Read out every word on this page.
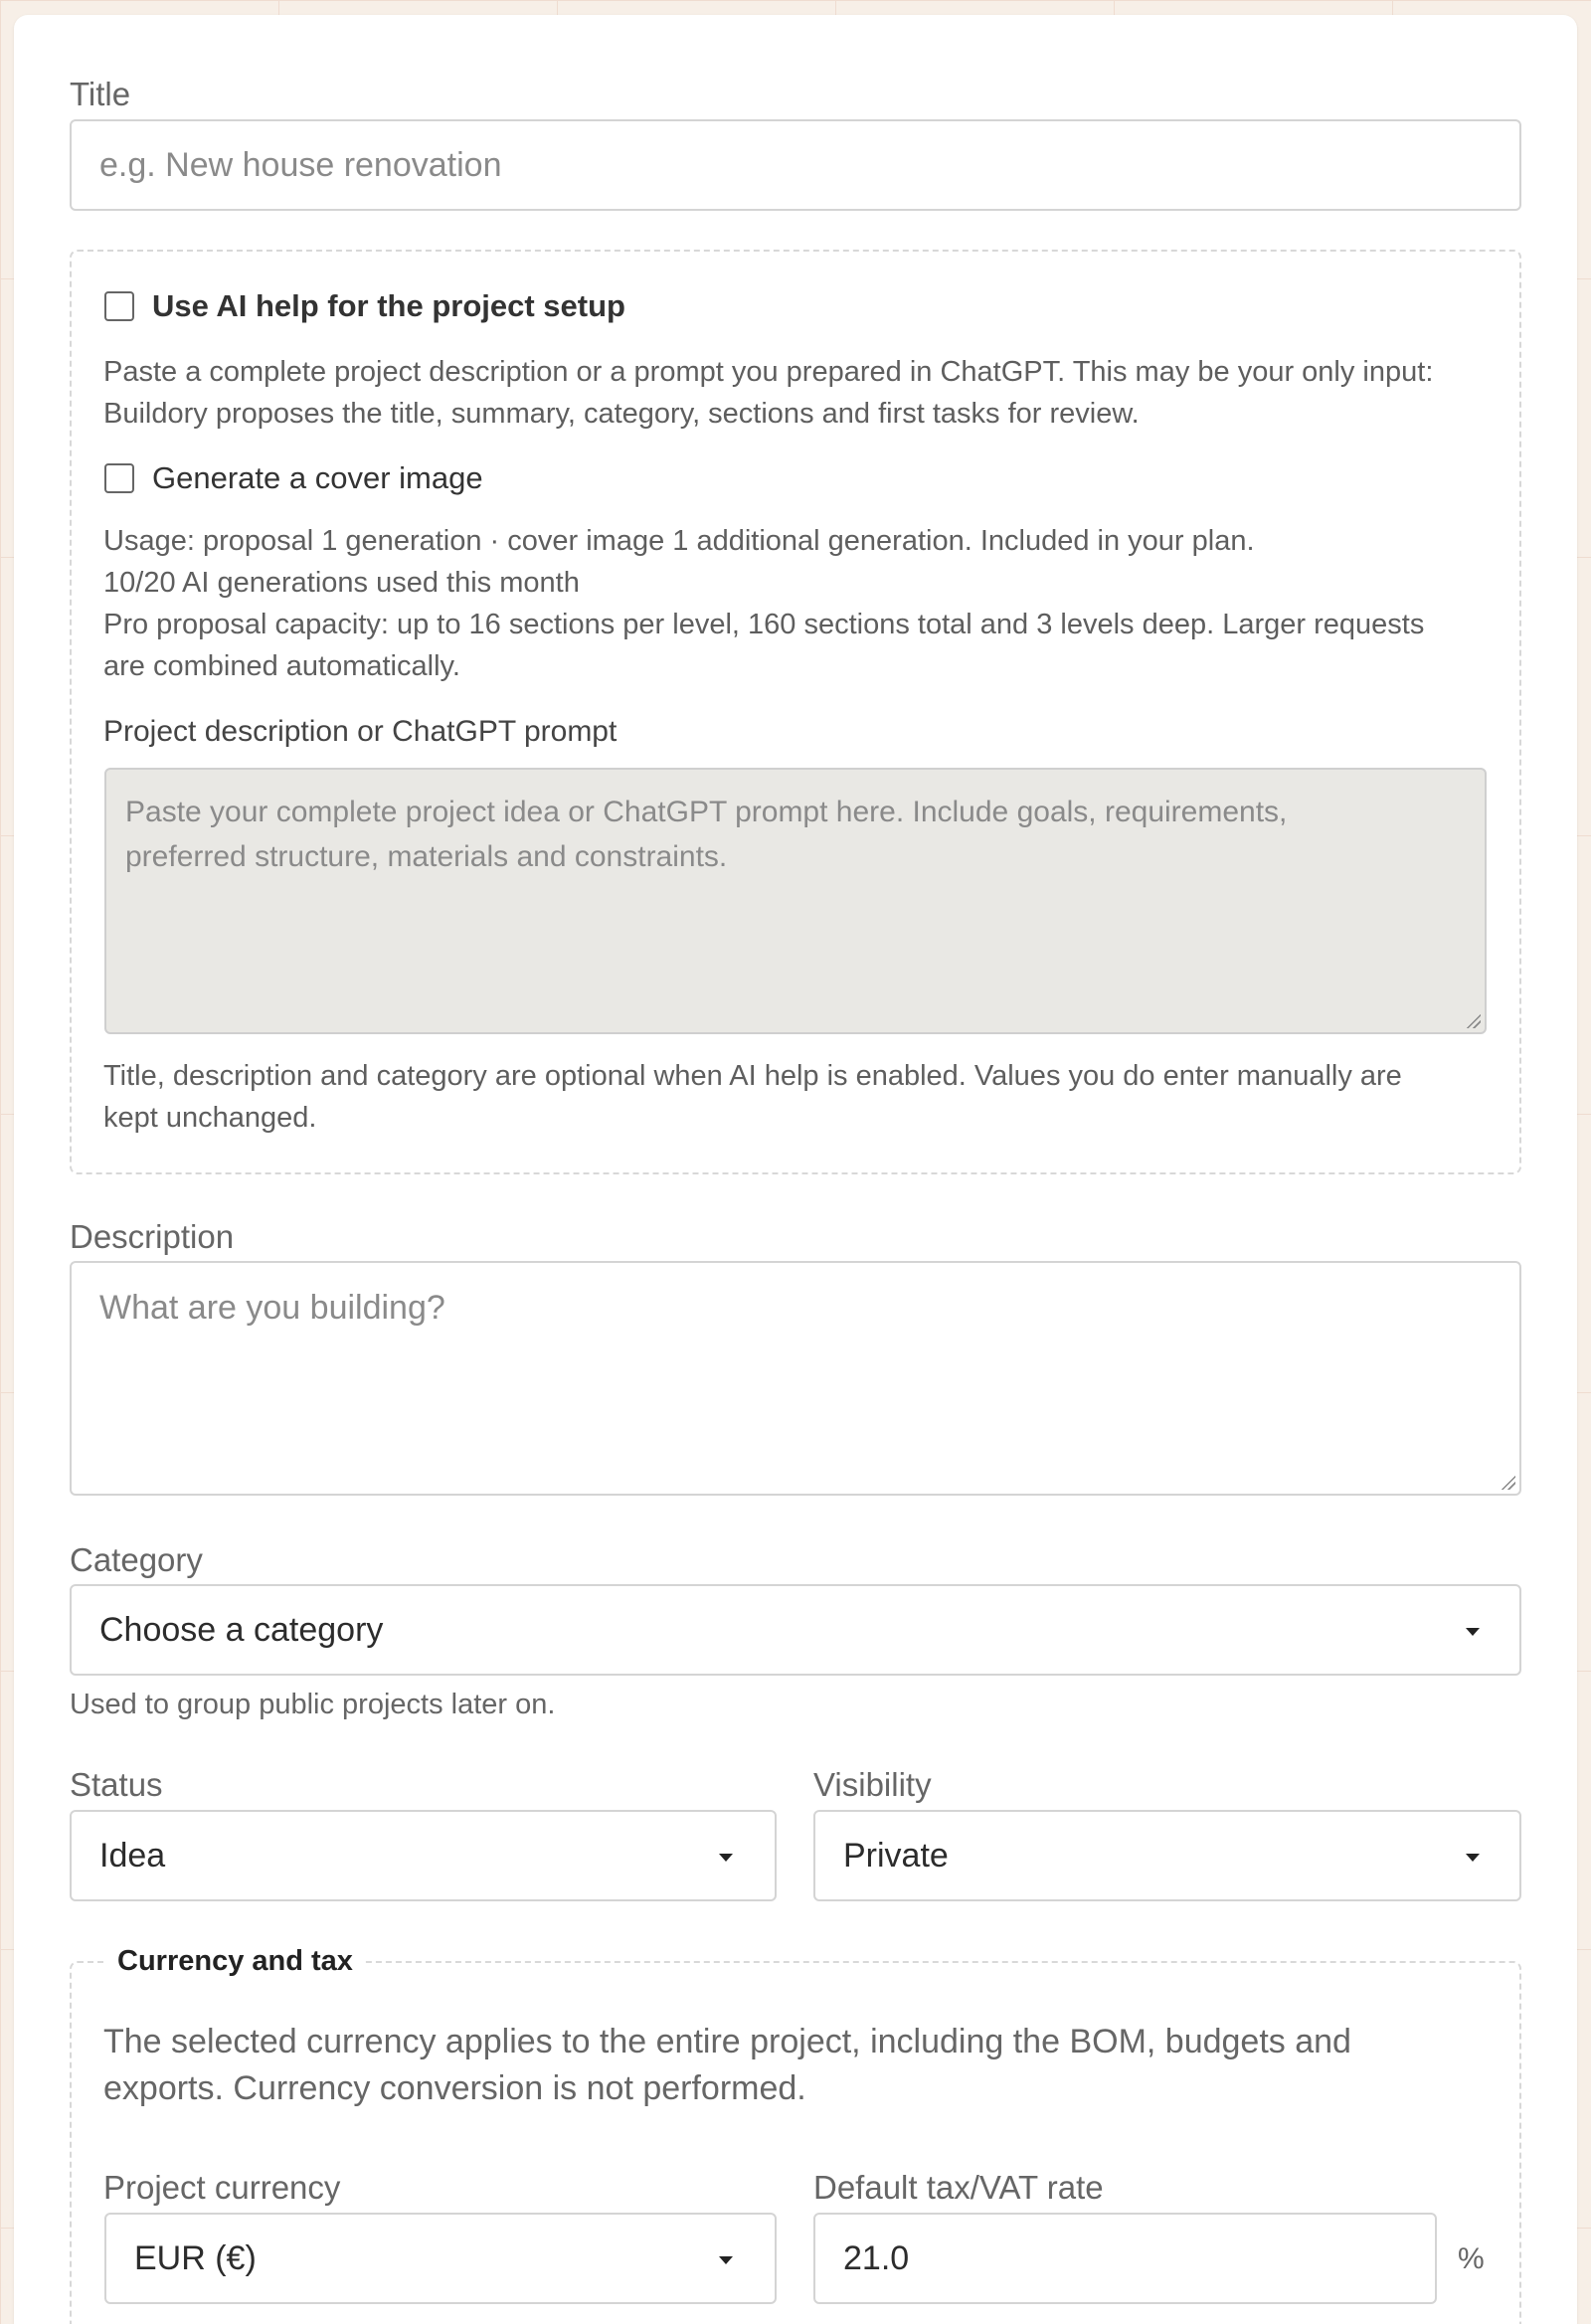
Title
e.g. New house renovation
Use AI help for the project setup
Paste a complete project description or a prompt you prepared in ChatGPT. This may be your only input:
Buildory proposes the title, summary, category, sections and first tasks for review.
Generate a cover image
Usage: proposal 1 generation · cover image 1 additional generation. Included in your plan.
10/20 AI generations used this month
Pro proposal capacity: up to 16 sections per level, 160 sections total and 3 levels deep. Larger requests
are combined automatically.
Project description or ChatGPT prompt
Paste your complete project idea or ChatGPT prompt here. Include goals, requirements,
preferred structure, materials and constraints.
Title, description and category are optional when AI help is enabled. Values you do enter manually are
kept unchanged.
Description
What are you building?
Category
Choose a category
Used to group public projects later on.
Status
Idea
Visibility
Private
Currency and tax
The selected currency applies to the entire project, including the BOM, budgets and
exports. Currency conversion is not performed.
Project currency
EUR (€)
Default tax/VAT rate
21.0	%
